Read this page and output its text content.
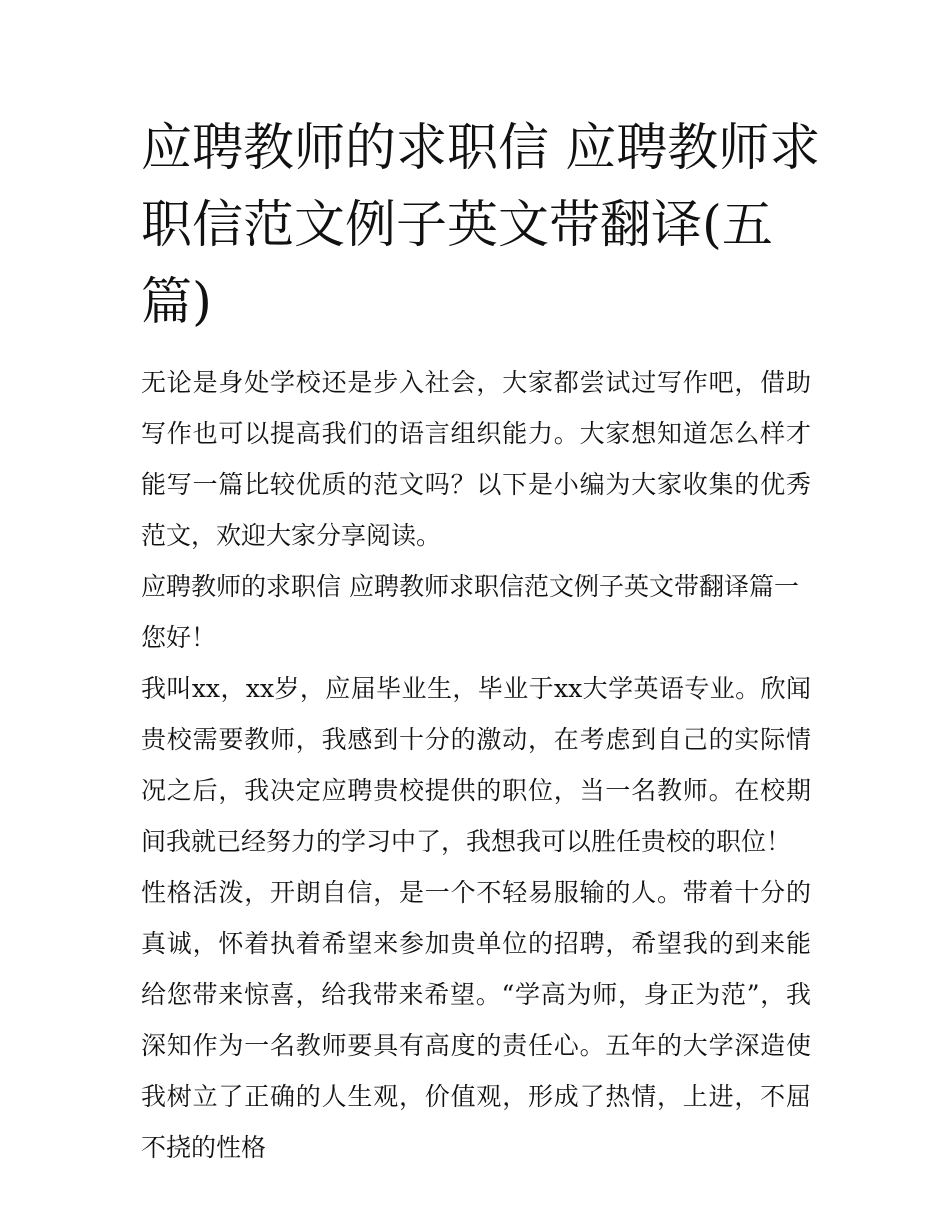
应聘教师的求职信 应聘教师求职信范文例子英文带翻译(五篇)

无论是身处学校还是步入社会，大家都尝试过写作吧，借助写作也可以提高我们的语言组织能力。大家想知道怎么样才能写一篇比较优质的范文吗？以下是小编为大家收集的优秀范文，欢迎大家分享阅读。

应聘教师的求职信 应聘教师求职信范文例子英文带翻译篇一

您好！

我叫xx，xx岁，应届毕业生，毕业于xx大学英语专业。欣闻贵校需要教师，我感到十分的激动，在考虑到自己的实际情况之后，我决定应聘贵校提供的职位，当一名教师。在校期间我就已经努力的学习中了，我想我可以胜任贵校的职位！

性格活泼，开朗自信，是一个不轻易服输的人。带着十分的真诚，怀着执着希望来参加贵单位的招聘，希望我的到来能给您带来惊喜，给我带来希望。“学高为师，身正为范”，我深知作为一名教师要具有高度的责任心。五年的大学深造使我树立了正确的人生观，价值观，形成了热情，上进，不屈不挠的性格
